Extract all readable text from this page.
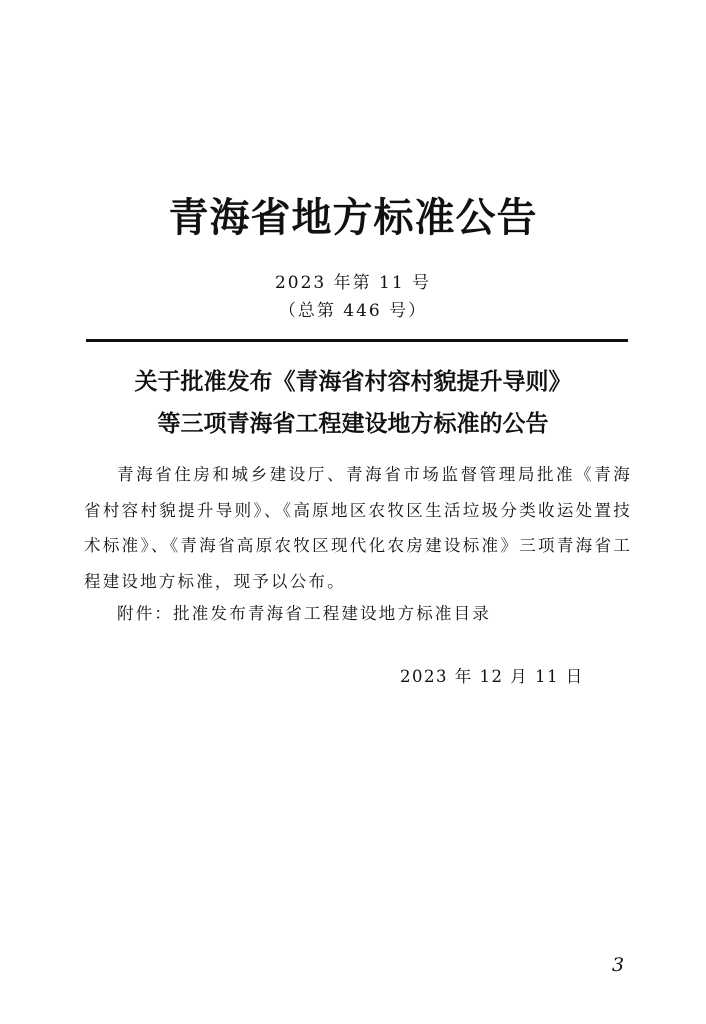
青海省地方标准公告
2023 年第 11 号
（总第 446 号）
关于批准发布《青海省村容村貌提升导则》
等三项青海省工程建设地方标准的公告
青海省住房和城乡建设厅、青海省市场监督管理局批准《青海省村容村貌提升导则》、《高原地区农牧区生活垃圾分类收运处置技术标准》、《青海省高原农牧区现代化农房建设标准》三项青海省工程建设地方标准，现予以公布。
附件：批准发布青海省工程建设地方标准目录
2023 年 12 月 11 日
3
